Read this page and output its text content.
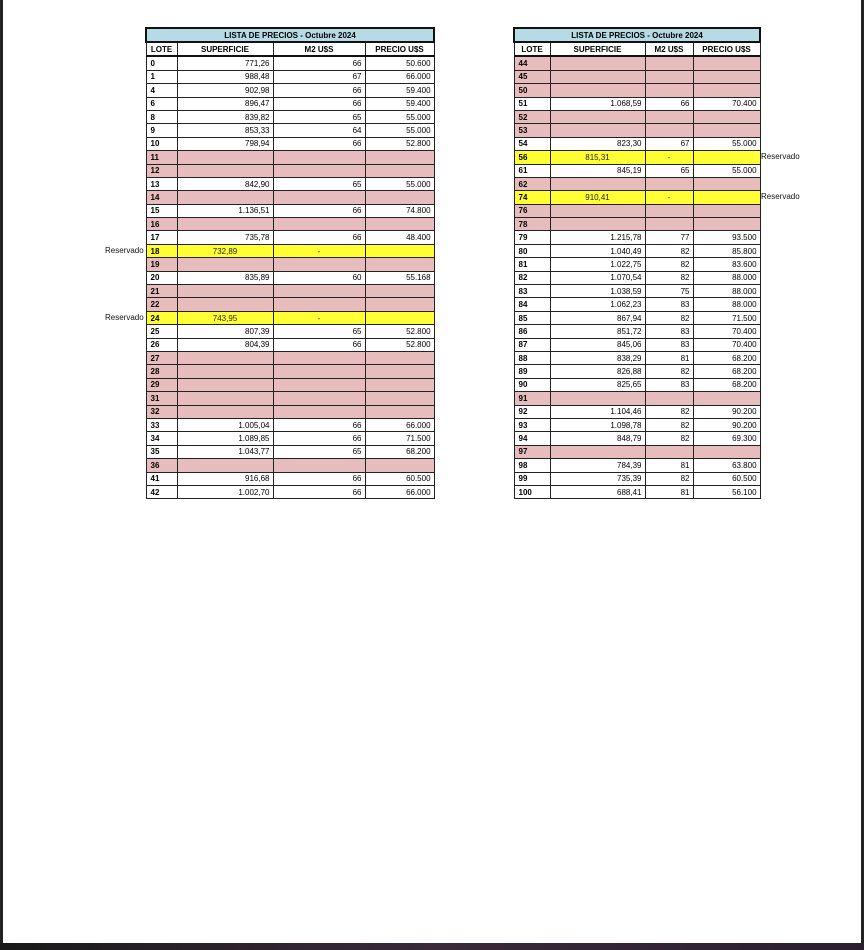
LISTA DE PRECIOS - Octubre 2024			
LOTE	SUPERFICIE	M2 U$S	PRECIO U$S
0	771,26	66	50.600
1	988,48	67	66.000
4	902,98	66	59.400
6	896,47	66	59.400
8	839,82	65	55.000
9	853,33	64	55.000
10	798,94	66	52.800
11			
12			
13	842,90	65	55.000
14			
15	1.136,51	66	74.800
16			
17	735,78	66	48.400
18	732,89	-	
19			
20	835,89	60	55.168
21			
22			
24	743,95	-	
25	807,39	65	52.800
26	804,39	66	52.800
27			
28			
29			
31			
32			
33	1.005,04	66	66.000
34	1.089,85	66	71.500
35	1.043,77	65	68.200
36			
41	916,68	66	60.500
42	1.002,70	66	66.000
LISTA DE PRECIOS - Octubre 2024			
LOTE	SUPERFICIE	M2 U$S	PRECIO U$S
44			
45			
50			
51	1.068,59	66	70.400
52			
53			
54	823,30	67	55.000
56	815,31	-	
61	845,19	65	55.000
62			
74	910,41	-	
76			
78			
79	1.215,78	77	93.500
80	1.040,49	82	85.800
81	1.022,75	82	83.600
82	1.070,54	82	88.000
83	1.038,59	75	88.000
84	1.062,23	83	88.000
85	867,94	82	71.500
86	851,72	83	70.400
87	845,06	83	70.400
88	838,29	81	68.200
89	826,88	82	68.200
90	825,65	83	68.200
91			
92	1.104,46	82	90.200
93	1.098,78	82	90.200
94	848,79	82	69.300
97			
98	784,39	81	63.800
99	735,39	82	60.500
100	688,41	81	56.100
Reservado
Reservado
Reservado
Reservado
